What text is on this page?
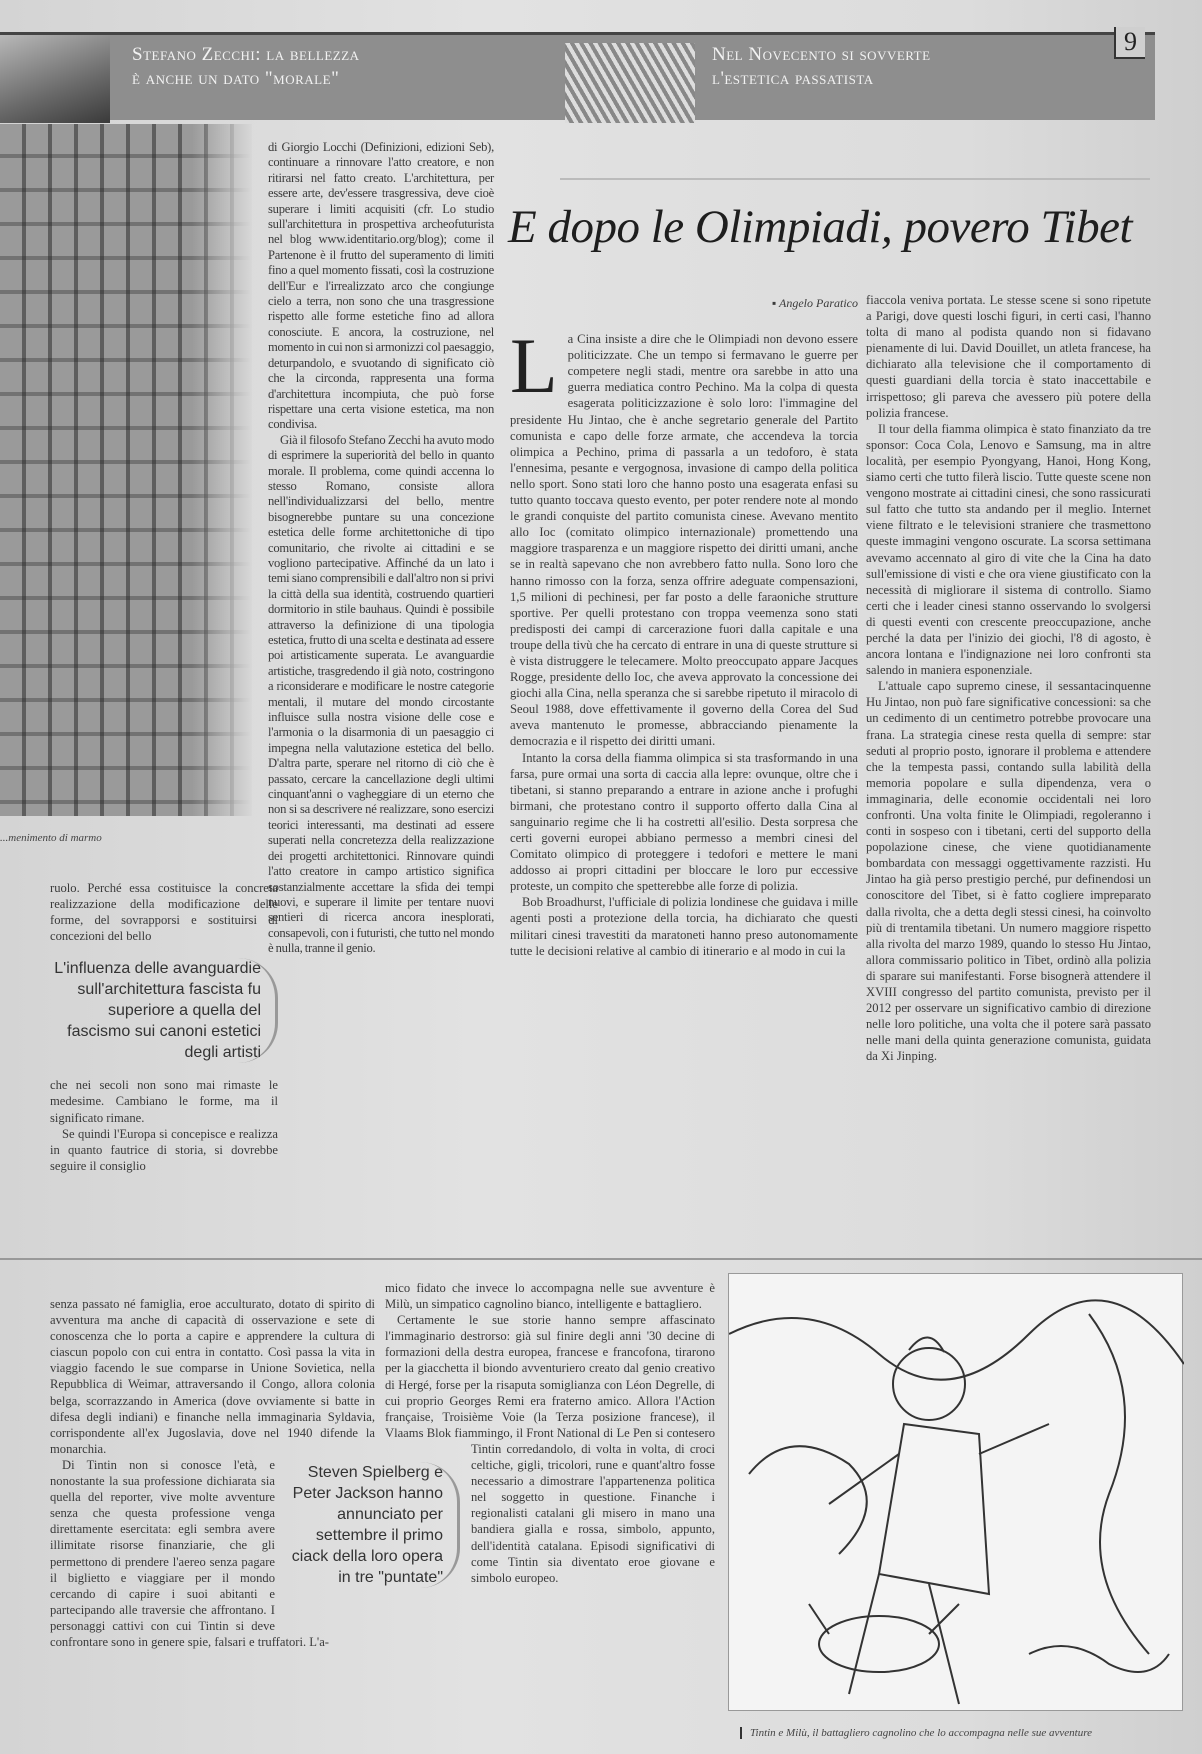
Stefano Zecchi: la bellezza
è anche un dato "morale"
Nel Novecento si sovverte
l'estetica passatista
9
...menimento di marmo

ruolo. Perché essa costituisce la concreta realizzazione della modificazione delle forme, del sovrapporsi e sostituirsi di concezioni del bello

L'influenza delle avanguardie sull'architettura fascista fu superiore a quella del fascismo sui canoni estetici degli artisti

che nei secoli non sono mai rimaste le medesime. Cambiano le forme, ma il significato rimane.

Se quindi l'Europa si concepisce e realizza in quanto fautrice di storia, si dovrebbe seguire il consiglio

di Giorgio Locchi (Definizioni, edizioni Seb), continuare a rinnovare l'atto creatore, e non ritirarsi nel fatto creato. L'architettura, per essere arte, dev'essere trasgressiva, deve cioè superare i limiti acquisiti (cfr. Lo studio sull'architettura in prospettiva archeofuturista nel blog www.identitario.org/blog); come il Partenone è il frutto del superamento di limiti fino a quel momento fissati, così la costruzione dell'Eur e l'irrealizzato arco che congiunge cielo a terra, non sono che una trasgressione rispetto alle forme estetiche fino ad allora conosciute. E ancora, la costruzione, nel momento in cui non si armonizzi col paesaggio, deturpandolo, e svuotando di significato ciò che la circonda, rappresenta una forma d'architettura incompiuta, che può forse rispettare una certa visione estetica, ma non condivisa.

Già il filosofo Stefano Zecchi ha avuto modo di esprimere la superiorità del bello in quanto morale. Il problema, come quindi accenna lo stesso Romano, consiste allora nell'individualizzarsi del bello, mentre bisognerebbe puntare su una concezione estetica delle forme architettoniche di tipo comunitario, che rivolte ai cittadini e se vogliono partecipative. Affinché da un lato i temi siano comprensibili e dall'altro non si privi la città della sua identità, costruendo quartieri dormitorio in stile bauhaus. Quindi è possibile attraverso la definizione di una tipologia estetica, frutto di una scelta e destinata ad essere poi artisticamente superata. Le avanguardie artistiche, trasgredendo il già noto, costringono a riconsiderare e modificare le nostre categorie mentali, il mutare del mondo circostante influisce sulla nostra visione delle cose e l'armonia o la disarmonia di un paesaggio ci impegna nella valutazione estetica del bello. D'altra parte, sperare nel ritorno di ciò che è passato, cercare la cancellazione degli ultimi cinquant'anni o vagheggiare di un eterno che non si sa descrivere né realizzare, sono esercizi teorici interessanti, ma destinati ad essere superati nella concretezza della realizzazione dei progetti architettonici. Rinnovare quindi l'atto creatore in campo artistico significa sostanzialmente accettare la sfida dei tempi nuovi, e superare il limite per tentare nuovi sentieri di ricerca ancora inesplorati, consapevoli, con i futuristi, che tutto nel mondo è nulla, tranne il genio.

E dopo le Olimpiadi, povero Tibet
▪ Angelo Paratico
L a Cina insiste a dire che le Olimpiadi non devono essere politicizzate. Che un tempo si fermavano le guerre per competere negli stadi, mentre ora sarebbe in atto una guerra mediatica contro Pechino. Ma la colpa di questa esagerata politicizzazione è solo loro: l'immagine del presidente Hu Jintao, che è anche segretario generale del Partito comunista e capo delle forze armate, che accendeva la torcia olimpica a Pechino, prima di passarla a un tedoforo, è stata l'ennesima, pesante e vergognosa, invasione di campo della politica nello sport. Sono stati loro che hanno posto una esagerata enfasi su tutto quanto toccava questo evento, per poter rendere note al mondo le grandi conquiste del partito comunista cinese. Avevano mentito allo Ioc (comitato olimpico internazionale) promettendo una maggiore trasparenza e un maggiore rispetto dei diritti umani, anche se in realtà sapevano che non avrebbero fatto nulla. Sono loro che hanno rimosso con la forza, senza offrire adeguate compensazioni, 1,5 milioni di pechinesi, per far posto a delle faraoniche strutture sportive. Per quelli protestano con troppa veemenza sono stati predisposti dei campi di carcerazione fuori dalla capitale e una troupe della tivù che ha cercato di entrare in una di queste strutture si è vista distruggere le telecamere. Molto preoccupato appare Jacques Rogge, presidente dello Ioc, che aveva approvato la concessione dei giochi alla Cina, nella speranza che si sarebbe ripetuto il miracolo di Seoul 1988, dove effettivamente il governo della Corea del Sud aveva mantenuto le promesse, abbracciando pienamente la democrazia e il rispetto dei diritti umani.

Intanto la corsa della fiamma olimpica si sta trasformando in una farsa, pure ormai una sorta di caccia alla lepre: ovunque, oltre che i tibetani, si stanno preparando a entrare in azione anche i profughi birmani, che protestano contro il supporto offerto dalla Cina al sanguinario regime che li ha costretti all'esilio. Desta sorpresa che certi governi europei abbiano permesso a membri cinesi del Comitato olimpico di proteggere i tedofori e mettere le mani addosso ai propri cittadini per bloccare le loro pur eccessive proteste, un compito che spetterebbe alle forze di polizia.

Bob Broadhurst, l'ufficiale di polizia londinese che guidava i mille agenti posti a protezione della torcia, ha dichiarato che questi militari cinesi travestiti da maratoneti hanno preso autonomamente tutte le decisioni relative al cambio di itinerario e al modo in cui la

fiaccola veniva portata. Le stesse scene si sono ripetute a Parigi, dove questi loschi figuri, in certi casi, l'hanno tolta di mano al podista quando non si fidavano pienamente di lui. David Douillet, un atleta francese, ha dichiarato alla televisione che il comportamento di questi guardiani della torcia è stato inaccettabile e irrispettoso; gli pareva che avessero più potere della polizia francese.

Il tour della fiamma olimpica è stato finanziato da tre sponsor: Coca Cola, Lenovo e Samsung, ma in altre località, per esempio Pyongyang, Hanoi, Hong Kong, siamo certi che tutto filerà liscio. Tutte queste scene non vengono mostrate ai cittadini cinesi, che sono rassicurati sul fatto che tutto sta andando per il meglio. Internet viene filtrato e le televisioni straniere che trasmettono queste immagini vengono oscurate. La scorsa settimana avevamo accennato al giro di vite che la Cina ha dato sull'emissione di visti e che ora viene giustificato con la necessità di migliorare il sistema di controllo. Siamo certi che i leader cinesi stanno osservando lo svolgersi di questi eventi con crescente preoccupazione, anche perché la data per l'inizio dei giochi, l'8 di agosto, è ancora lontana e l'indignazione nei loro confronti sta salendo in maniera esponenziale.

L'attuale capo supremo cinese, il sessantacinquenne Hu Jintao, non può fare significative concessioni: sa che un cedimento di un centimetro potrebbe provocare una frana. La strategia cinese resta quella di sempre: star seduti al proprio posto, ignorare il problema e attendere che la tempesta passi, contando sulla labilità della memoria popolare e sulla dipendenza, vera o immaginaria, delle economie occidentali nei loro confronti. Una volta finite le Olimpiadi, regoleranno i conti in sospeso con i tibetani, certi del supporto della popolazione cinese, che viene quotidianamente bombardata con messaggi oggettivamente razzisti. Hu Jintao ha già perso prestigio perché, pur definendosi un conoscitore del Tibet, si è fatto cogliere impreparato dalla rivolta, che a detta degli stessi cinesi, ha coinvolto più di trentamila tibetani. Un numero maggiore rispetto alla rivolta del marzo 1989, quando lo stesso Hu Jintao, allora commissario politico in Tibet, ordinò alla polizia di sparare sui manifestanti. Forse bisognerà attendere il XVIII congresso del partito comunista, previsto per il 2012 per osservare un significativo cambio di direzione nelle loro politiche, una volta che il potere sarà passato nelle mani della quinta generazione comunista, guidata da Xi Jinping.

senza passato né famiglia, eroe acculturato, dotato di spirito di avventura ma anche di capacità di osservazione e sete di conoscenza che lo porta a capire e apprendere la cultura di ciascun popolo con cui entra in contatto. Così passa la vita in viaggio facendo le sue comparse in Unione Sovietica, nella Repubblica di Weimar, attraversando il Congo, allora colonia belga, scorrazzando in America (dove ovviamente si batte in difesa degli indiani) e finanche nella immaginaria Syldavia, corrispondente all'ex Jugoslavia, dove nel 1940 difende la monarchia.

Di Tintin non si conosce l'età, e nonostante la sua professione dichiarata sia quella del reporter, vive molte avventure senza che questa professione venga direttamente esercitata: egli sembra avere illimitate risorse finanziarie, che gli permettono di prendere l'aereo senza pagare il biglietto e viaggiare per il mondo cercando di capire i suoi abitanti e partecipando alle traversie che affrontano. I personaggi cattivi con cui Tintin si deve confrontare sono in genere spie, falsari e truffatori. L'a-

mico fidato che invece lo accompagna nelle sue avventure è Milù, un simpatico cagnolino bianco, intelligente e battagliero.

Certamente le sue storie hanno sempre affascinato l'immaginario destrorso: già sul finire degli anni '30 decine di formazioni della destra europea, francese e francofona, tirarono per la giacchetta il biondo avventuriero creato dal genio creativo di Hergé, forse per la risaputa somiglianza con Léon Degrelle, di cui proprio Georges Remi era fraterno amico. Allora l'Action française, Troisième Voie (la Terza posizione francese), il Vlaams Blok fiammingo, il Front National di Le Pen si contesero Tintin corredandolo, di volta in volta, di croci celtiche, gigli, tricolori, rune e quant'altro fosse necessario a dimostrare l'appartenenza politica nel soggetto in questione. Finanche i regionalisti catalani gli misero in mano una bandiera gialla e rossa, simbolo, appunto, dell'identità catalana. Episodi significativi di come Tintin sia diventato eroe giovane e simbolo europeo.

Steven Spielberg e Peter Jackson hanno annunciato per settembre il primo ciack della loro opera in tre "puntate"
Tintin e Milù, il battagliero cagnolino che lo accompagna nelle sue avventure
